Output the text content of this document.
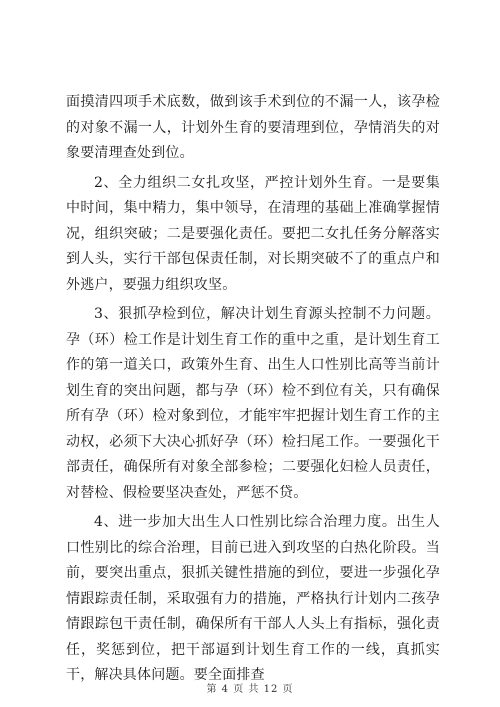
面摸清四项手术底数，做到该手术到位的不漏一人，该孕检的对象不漏一人，计划外生育的要清理到位，孕情消失的对象要清理查处到位。

2、全力组织二女扎攻坚，严控计划外生育。一是要集中时间，集中精力，集中领导，在清理的基础上准确掌握情况，组织突破；二是要强化责任。要把二女扎任务分解落实到人头，实行干部包保责任制，对长期突破不了的重点户和外逃户，要强力组织攻坚。

3、狠抓孕检到位，解决计划生育源头控制不力问题。孕（环）检工作是计划生育工作的重中之重，是计划生育工作的第一道关口，政策外生育、出生人口性别比高等当前计划生育的突出问题，都与孕（环）检不到位有关，只有确保所有孕（环）检对象到位，才能牢牢把握计划生育工作的主动权，必须下大决心抓好孕（环）检扫尾工作。一要强化干部责任，确保所有对象全部参检；二要强化妇检人员责任，对替检、假检要坚决查处，严惩不贷。

4、进一步加大出生人口性别比综合治理力度。出生人口性别比的综合治理，目前已进入到攻坚的白热化阶段。当前，要突出重点，狠抓关键性措施的到位，要进一步强化孕情跟踪责任制，采取强有力的措施，严格执行计划内二孩孕情跟踪包干责任制，确保所有干部人人头上有指标，强化责任，奖惩到位，把干部逼到计划生育工作的一线，真抓实干，解决具体问题。要全面排查

第 4 页 共 12 页
